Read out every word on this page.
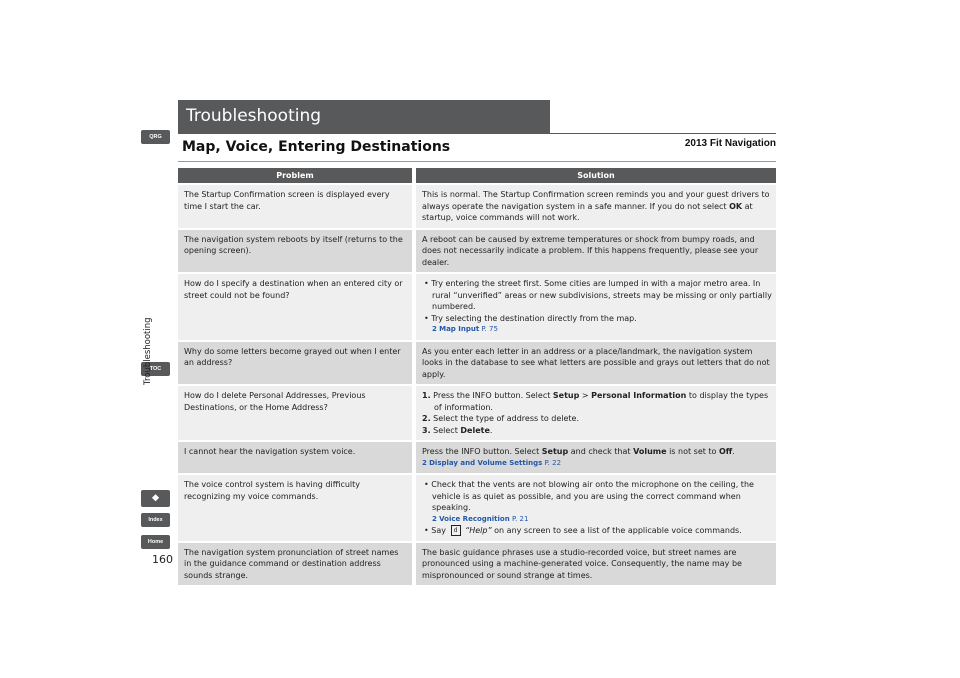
Troubleshooting
2013 Fit Navigation
Map, Voice, Entering Destinations
QRG
TOC
Troubleshooting
❖
Index
Home
160
Problem	Solution
The Startup Confirmation screen is displayed every time I start the car.
This is normal. The Startup Confirmation screen reminds you and your guest drivers to always operate the navigation system in a safe manner. If you do not select OK at startup, voice commands will not work.
The navigation system reboots by itself (returns to the opening screen).
A reboot can be caused by extreme temperatures or shock from bumpy roads, and does not necessarily indicate a problem. If this happens frequently, please see your dealer.
How do I specify a destination when an entered city or street could not be found?
• Try entering the street first. Some cities are lumped in with a major metro area. In rural “unverified” areas or new subdivisions, streets may be missing or only partially numbered.
• Try selecting the destination directly from the map.
2 Map Input P. 75
Why do some letters become grayed out when I enter an address?
As you enter each letter in an address or a place/landmark, the navigation system looks in the database to see what letters are possible and grays out letters that do not apply.
How do I delete Personal Addresses, Previous Destinations, or the Home Address?
1. Press the INFO button. Select Setup > Personal Information to display the types of information.
2. Select the type of address to delete.
3. Select Delete.
I cannot hear the navigation system voice.	Press the INFO button. Select Setup and check that Volume is not set to Off.
2 Display and Volume Settings P. 22
The voice control system is having difficulty recognizing my voice commands.
• Check that the vents are not blowing air onto the microphone on the ceiling, the vehicle is as quiet as possible, and you are using the correct command when speaking.
2 Voice Recognition P. 21
• Say d “Help” on any screen to see a list of the applicable voice commands.
The navigation system pronunciation of street names in the guidance command or destination address sounds strange.
The basic guidance phrases use a studio-recorded voice, but street names are pronounced using a machine-generated voice. Consequently, the name may be mispronounced or sound strange at times.
